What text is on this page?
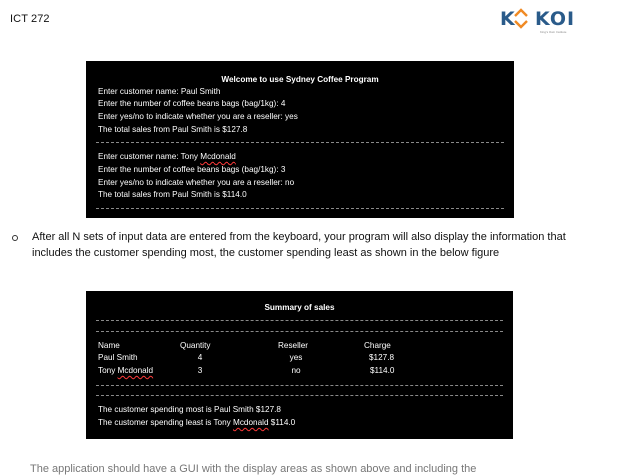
ICT 272	K KOI
King's Own Institute
Welcome to use Sydney Coffee Program
Enter customer name: Paul Smith
Enter the number of coffee beans bags (bag/1kg): 4
Enter yes/no to indicate whether you are a reseller: yes
The total sales from Paul Smith is $127.8
Enter customer name: Tony Mcdonald
Enter the number of coffee beans bags (bag/1kg): 3
Enter yes/no to indicate whether you are a reseller: no
The total sales from Paul Smith is $114.0
After all N sets of input data are entered from the keyboard, your program will also display the information that includes the customer spending most, the customer spending least as shown in the below figure
Summary of sales
Name	Quantity	Reseller	Charge
Paul Smith	4	yes	$127.8
Tony Mcdonald	3	no	$114.0
The customer spending most is Paul Smith $127.8
The customer spending least is Tony Mcdonald $114.0
The application should have a GUI with the display areas as shown above and including the
